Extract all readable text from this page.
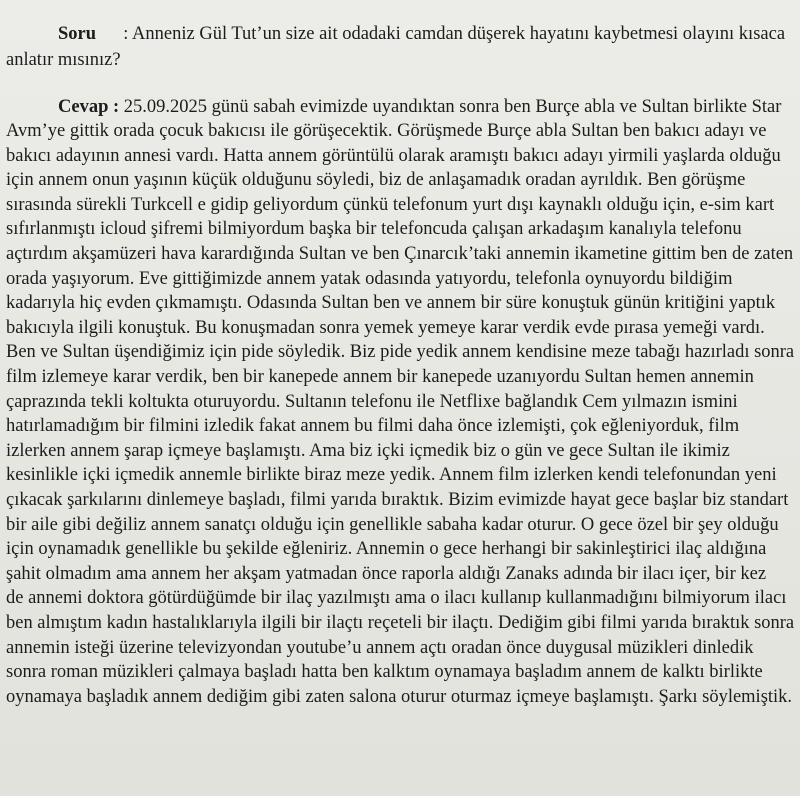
Soru : Anneniz Gül Tut’un size ait odadaki camdan düşerek hayatını kaybetmesi olayını kısaca
anlatır mısınız?
Cevap : 25.09.2025 günü sabah evimizde uyandıktan sonra ben Burçe abla ve Sultan birlikte Star
Avm’ye gittik orada çocuk bakıcısı ile görüşecektik. Görüşmede Burçe abla Sultan ben bakıcı adayı ve
bakıcı adayının annesi vardı. Hatta annem görüntülü olarak aramıştı bakıcı adayı yirmili yaşlarda olduğu
için annem onun yaşının küçük olduğunu söyledi, biz de anlaşamadık oradan ayrıldık. Ben görüşme
sırasında sürekli Turkcell e gidip geliyordum çünkü telefonum yurt dışı kaynaklı olduğu için, e-sim kart
sıfırlanmıştı icloud şifremi bilmiyordum başka bir telefoncuda çalışan arkadaşım kanalıyla telefonu
açtırdım akşamüzeri hava karardığında Sultan ve ben Çınarcık’taki annemin ikametine gittim ben de zaten
orada yaşıyorum. Eve gittiğimizde annem yatak odasında yatıyordu, telefonla oynuyordu bildiğim
kadarıyla hiç evden çıkmamıştı. Odasında Sultan ben ve annem bir süre konuştuk günün kritiğini yaptık
bakıcıyla ilgili konuştuk. Bu konuşmadan sonra yemek yemeye karar verdik evde pırasa yemeği vardı.
Ben ve Sultan üşendiğimiz için pide söyledik. Biz pide yedik annem kendisine meze tabağı hazırladı sonra
film izlemeye karar verdik, ben bir kanepede annem bir kanepede uzanıyordu Sultan hemen annemin
çaprazında tekli koltukta oturuyordu. Sultanın telefonu ile Netflixe bağlandık Cem yılmazın ismini
hatırlamadığım bir filmini izledik fakat annem bu filmi daha önce izlemişti, çok eğleniyorduk, film
izlerken annem şarap içmeye başlamıştı. Ama biz içki içmedik biz o gün ve gece Sultan ile ikimiz
kesinlikle içki içmedik annemle birlikte biraz meze yedik. Annem film izlerken kendi telefonundan yeni
çıkacak şarkılarını dinlemeye başladı, filmi yarıda bıraktık. Bizim evimizde hayat gece başlar biz standart
bir aile gibi değiliz annem sanatçı olduğu için genellikle sabaha kadar oturur. O gece özel bir şey olduğu
için oynamadık genellikle bu şekilde eğleniriz. Annemin o gece herhangi bir sakinleştirici ilaç aldığına
şahit olmadım ama annem her akşam yatmadan önce raporla aldığı Zanaks adında bir ilacı içer, bir kez
de annemi doktora götürdüğümde bir ilaç yazılmıştı ama o ilacı kullanıp kullanmadığını bilmiyorum ilacı
ben almıştım kadın hastalıklarıyla ilgili bir ilaçtı reçeteli bir ilaçtı. Dediğim gibi filmi yarıda bıraktık sonra
annemin isteği üzerine televizyondan youtube’u annem açtı oradan önce duygusal müzikleri dinledik
sonra roman müzikleri çalmaya başladı hatta ben kalktım oynamaya başladım annem de kalktı birlikte
oynamaya başladık annem dediğim gibi zaten salona oturur oturmaz içmeye başlamıştı. Şarkı söylemiştik.
